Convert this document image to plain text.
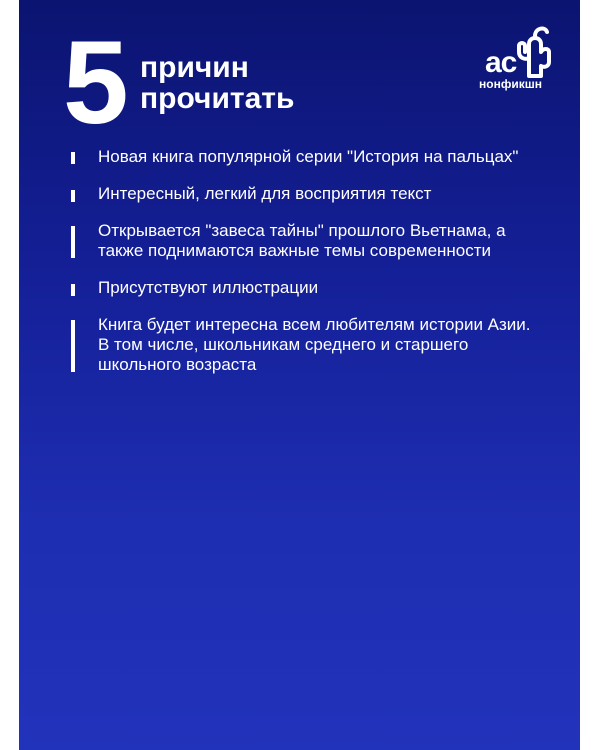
5 причин
прочитать
ас
нонфикшн
Новая книга популярной серии "История на пальцах"
Интересный, легкий для восприятия текст
Открывается "завеса тайны" прошлого Вьетнама, а также поднимаются важные темы современности
Присутствуют иллюстрации
Книга будет интересна всем любителям истории Азии. В том числе, школьникам среднего и старшего школьного возраста
